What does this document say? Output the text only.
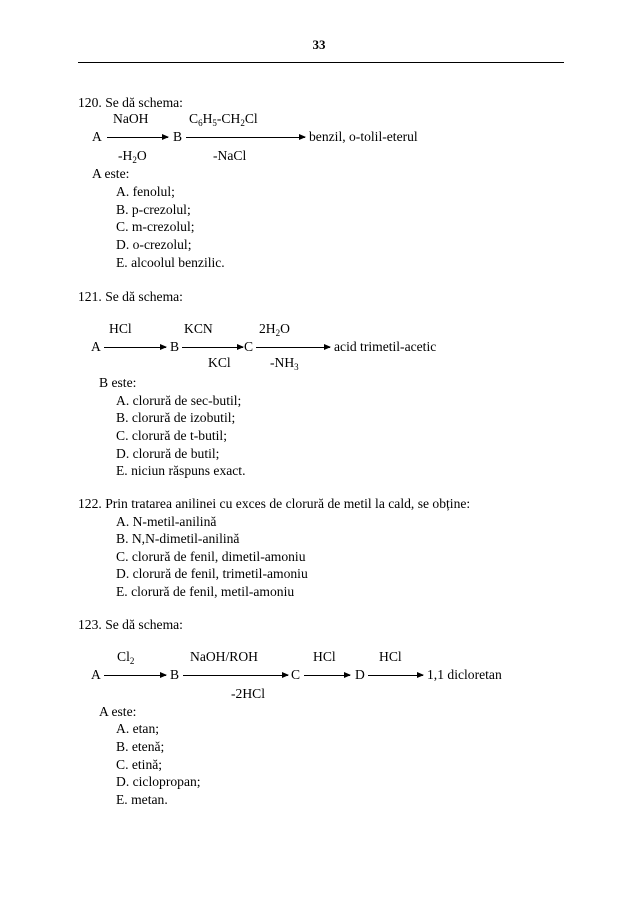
33
120. Se dă schema:
NaOH	$C_6H_5-CH_2Cl$
A	B	benzil, o-tolil-eterul
$-H_2O$	-NaCl
A este:
A. fenolul;
B. p-crezolul;
C. m-crezolul;
D. o-crezolul;
E. alcoolul benzilic.
121. Se dă schema:
HCl	KCN	$2H_2O$
A	B	C	acid trimetil-acetic
KCl	$-NH_3$
B este:
A. clorură de sec-butil;
B. clorură de izobutil;
C. clorură de t-butil;
D. clorură de butil;
E. niciun răspuns exact.
122. Prin tratarea anilinei cu exces de clorură de metil la cald, se obține:
A. N-metil-anilină
B. N,N-dimetil-anilină
C. clorură de fenil, dimetil-amoniu
D. clorură de fenil, trimetil-amoniu
E. clorură de fenil, metil-amoniu
123. Se dă schema:
$Cl_2$	NaOH/ROH	HCl	HCl
A	B	C	D	1,1 dicloretan
-2HCl
A este:
A. etan;
B. etenă;
C. etină;
D. ciclopropan;
E. metan.
